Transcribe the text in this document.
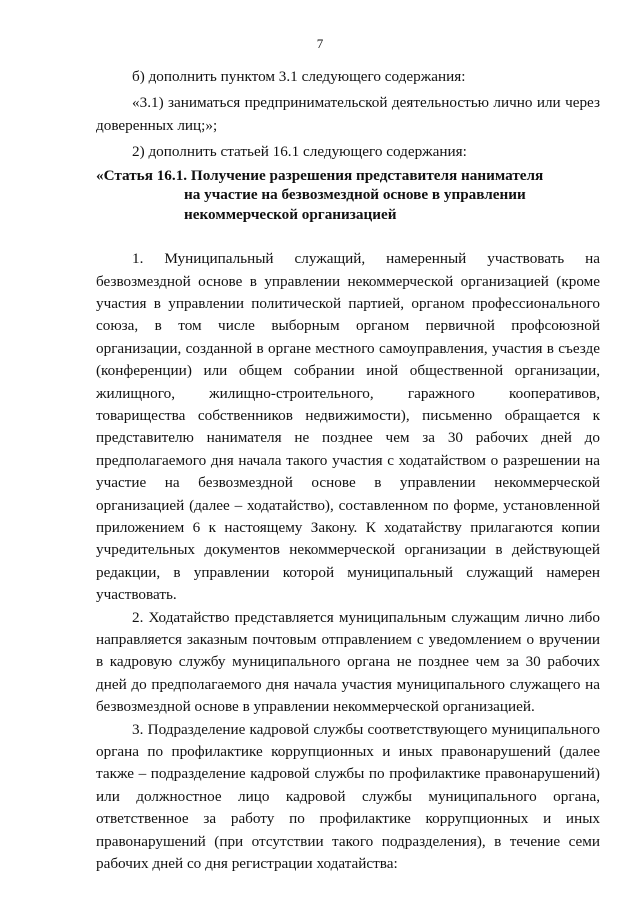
7

б) дополнить пунктом 3.1 следующего содержания:

«3.1) заниматься предпринимательской деятельностью лично или через доверенных лиц;»;

2) дополнить статьей 16.1 следующего содержания:

«Статья 16.1. Получение разрешения представителя нанимателя
на участие на безвозмездной основе в управлении
некоммерческой организацией

1. Муниципальный служащий, намеренный участвовать на безвозмездной основе в управлении некоммерческой организацией (кроме участия в управлении политической партией, органом профессионального союза, в том числе выборным органом первичной профсоюзной организации, созданной в органе местного самоуправления, участия в съезде (конференции) или общем собрании иной общественной организации, жилищного, жилищно-строительного, гаражного кооперативов, товарищества собственников недвижимости), письменно обращается к представителю нанимателя не позднее чем за 30 рабочих дней до предполагаемого дня начала такого участия с ходатайством о разрешении на участие на безвозмездной основе в управлении некоммерческой организацией (далее – ходатайство), составленном по форме, установленной приложением 6 к настоящему Закону. К ходатайству прилагаются копии учредительных документов некоммерческой организации в действующей редакции, в управлении которой муниципальный служащий намерен участвовать.

2. Ходатайство представляется муниципальным служащим лично либо направляется заказным почтовым отправлением с уведомлением о вручении в кадровую службу муниципального органа не позднее чем за 30 рабочих дней до предполагаемого дня начала участия муниципального служащего на безвозмездной основе в управлении некоммерческой организацией.

3. Подразделение кадровой службы соответствующего муниципального органа по профилактике коррупционных и иных правонарушений (далее также – подразделение кадровой службы по профилактике правонарушений) или должностное лицо кадровой службы муниципального органа, ответственное за работу по профилактике коррупционных и иных правонарушений (при отсутствии такого подразделения), в течение семи рабочих дней со дня регистрации ходатайства:
